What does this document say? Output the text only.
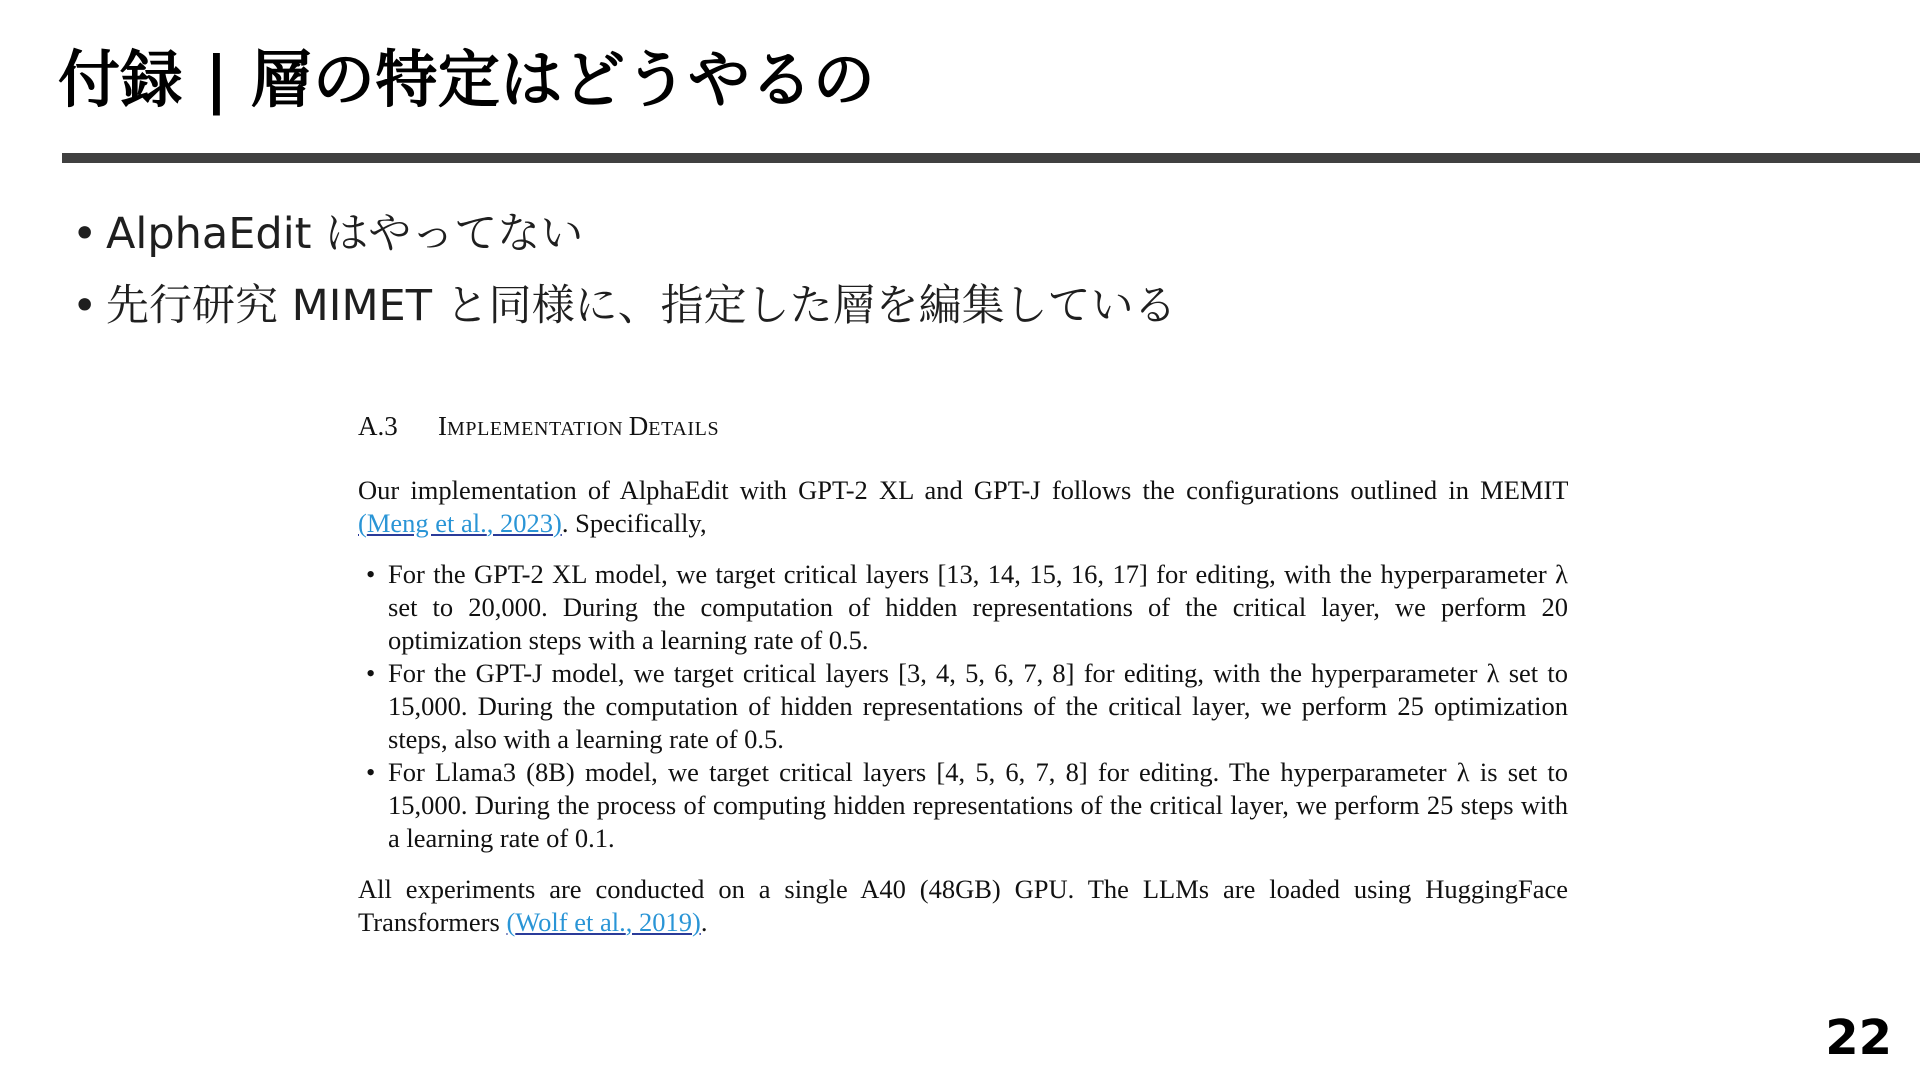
付録 | 層の特定はどうやるの
• AlphaEdit はやってない
• 先行研究 MIMET と同様に、指定した層を編集している
A.3 IMPLEMENTATION DETAILS

Our implementation of AlphaEdit with GPT-2 XL and GPT-J follows the configurations outlined in MEMIT (Meng et al., 2023). Specifically,

• For the GPT-2 XL model, we target critical layers [13, 14, 15, 16, 17] for editing, with the hyperparameter λ set to 20,000. During the computation of hidden representations of the critical layer, we perform 20 optimization steps with a learning rate of 0.5.
• For the GPT-J model, we target critical layers [3, 4, 5, 6, 7, 8] for editing, with the hyperparameter λ set to 15,000. During the computation of hidden representations of the critical layer, we perform 25 optimization steps, also with a learning rate of 0.5.
• For Llama3 (8B) model, we target critical layers [4, 5, 6, 7, 8] for editing. The hyperparameter λ is set to 15,000. During the process of computing hidden representations of the critical layer, we perform 25 steps with a learning rate of 0.1.

All experiments are conducted on a single A40 (48GB) GPU. The LLMs are loaded using HuggingFace Transformers (Wolf et al., 2019).

22
